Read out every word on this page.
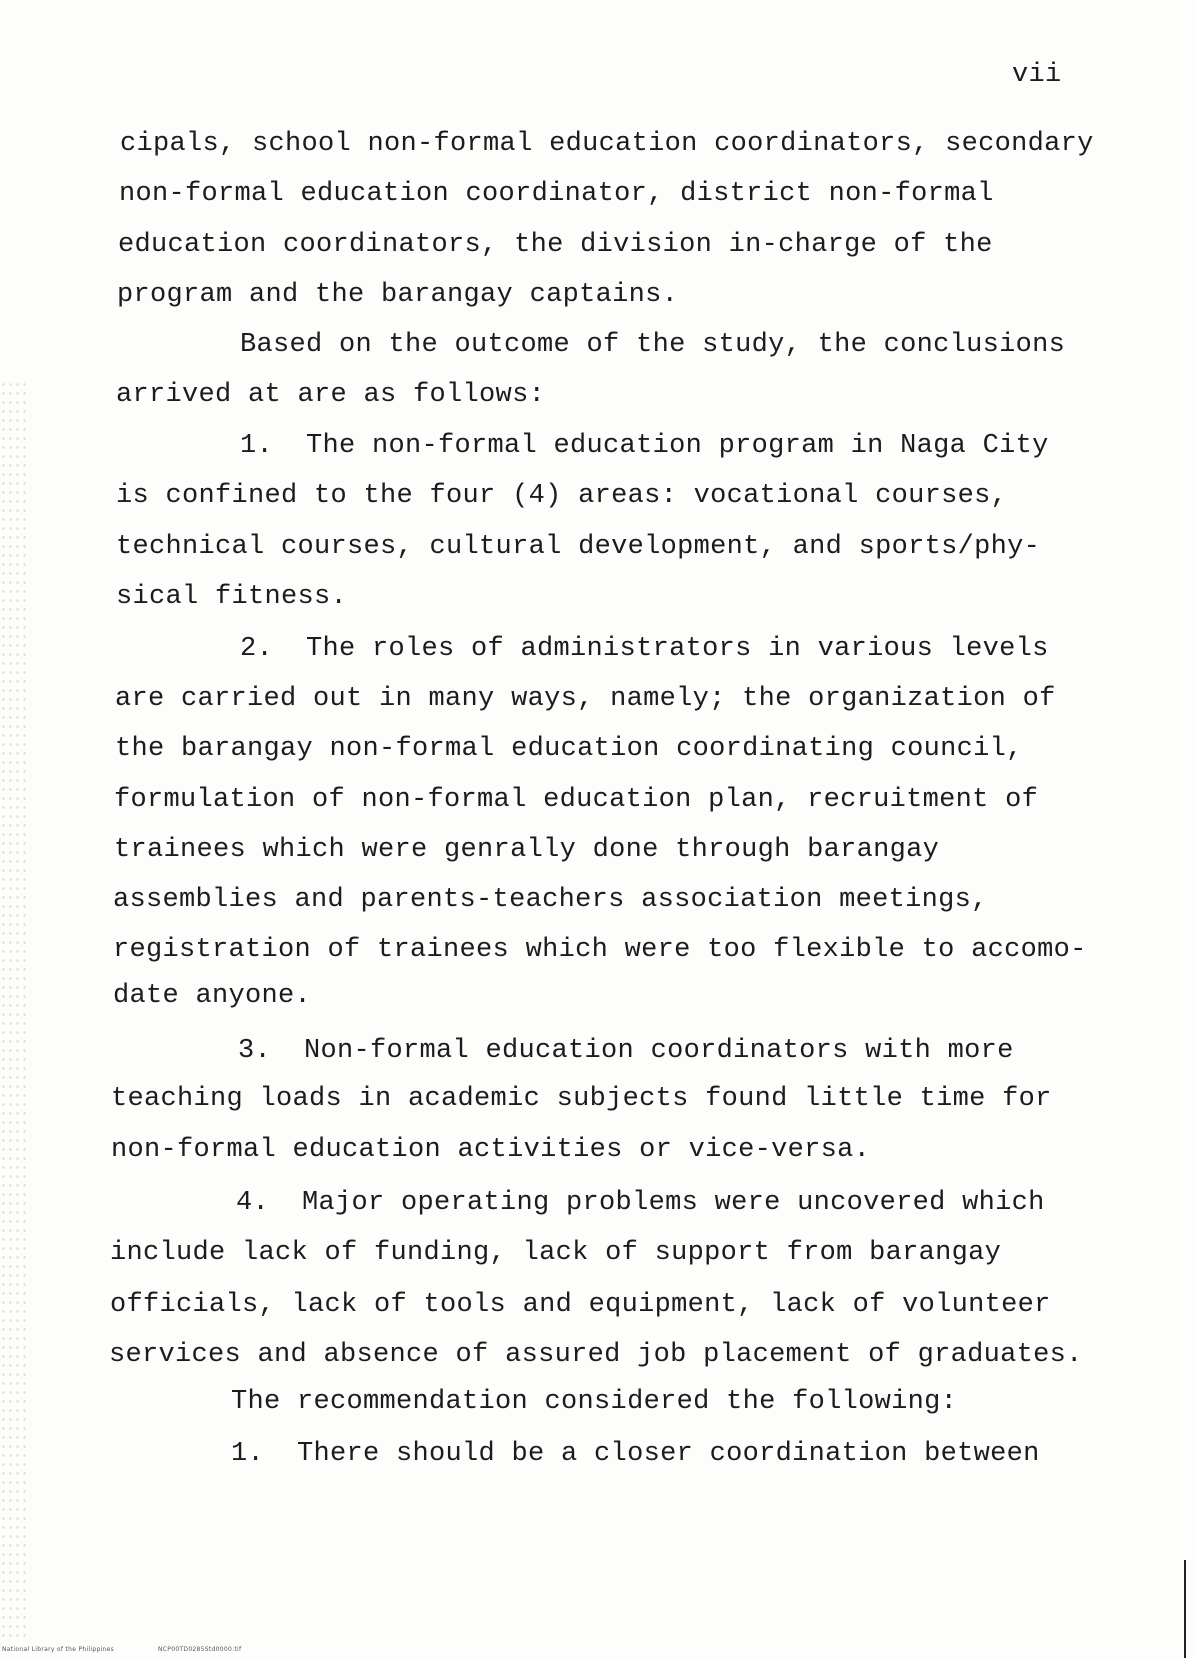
vii
cipals, school non-formal education coordinators, secondary
non-formal education coordinator, district non-formal
education coordinators, the division in-charge of the
program and the barangay captains.
Based on the outcome of the study, the conclusions
arrived at are as follows:
1.  The non-formal education program in Naga City
is confined to the four (4) areas: vocational courses,
technical courses, cultural development, and sports/phy-
sical fitness.
2.  The roles of administrators in various levels
are carried out in many ways, namely; the organization of
the barangay non-formal education coordinating council,
formulation of non-formal education plan, recruitment of
trainees which were genrally done through barangay
assemblies and parents-teachers association meetings,
registration of trainees which were too flexible to accomo-
date anyone.
3.  Non-formal education coordinators with more
teaching loads in academic subjects found little time for
non-formal education activities or vice-versa.
4.  Major operating problems were uncovered which
include lack of funding, lack of support from barangay
officials, lack of tools and equipment, lack of volunteer
services and absence of assured job placement of graduates.
The recommendation considered the following:
1.  There should be a closer coordination between
National Library of the Philippines	NCP00TD0285Std0000.tif
